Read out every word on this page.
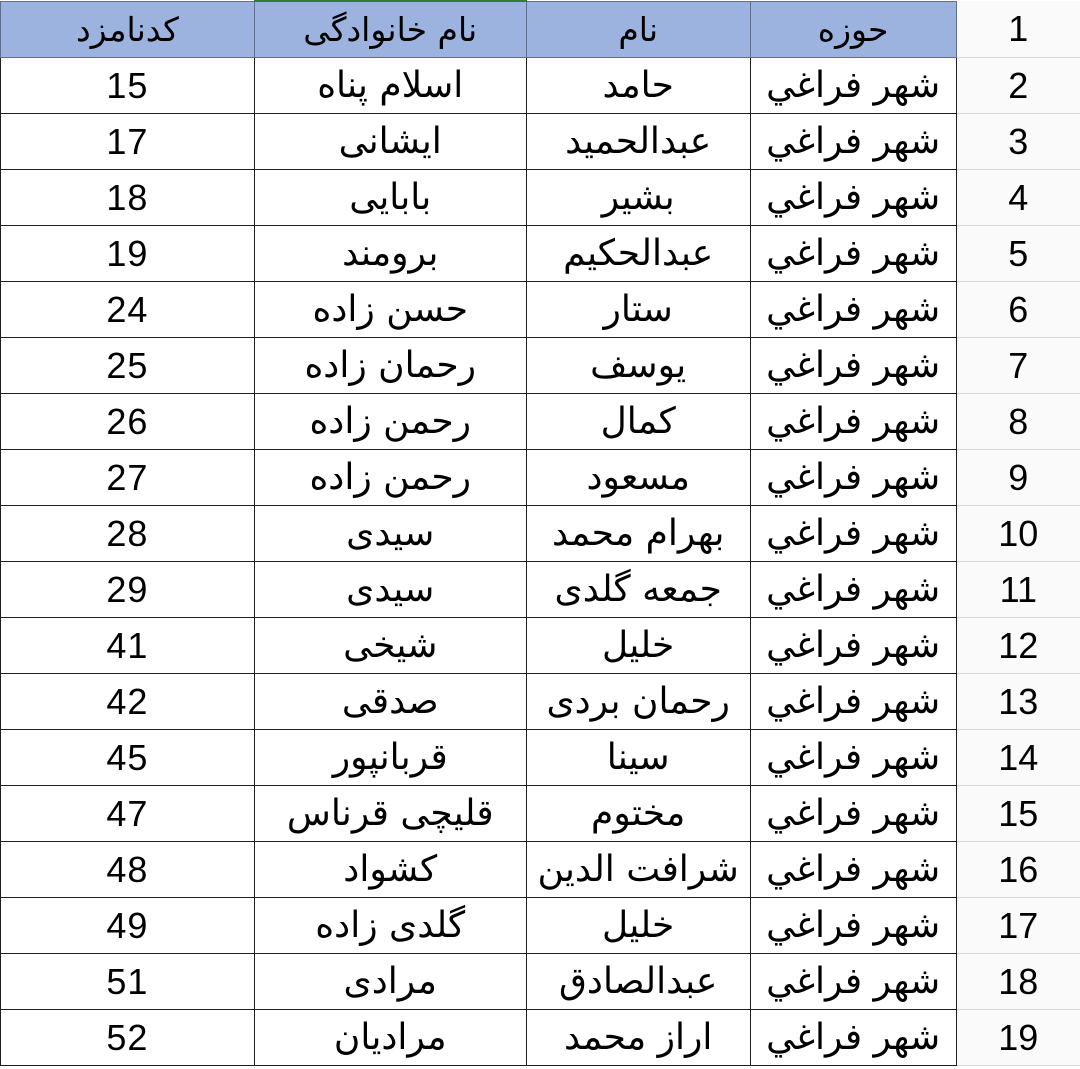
کدنامزد	نام خانوادگی	نام	حوزه	1
15	اسلام پناه	حامد	شهر فراغي	2
17	ایشانی	عبدالحمید	شهر فراغي	3
18	بابایی	بشیر	شهر فراغي	4
19	برومند	عبدالحکیم	شهر فراغي	5
24	حسن زاده	ستار	شهر فراغي	6
25	رحمان زاده	یوسف	شهر فراغي	7
26	رحمن زاده	کمال	شهر فراغي	8
27	رحمن زاده	مسعود	شهر فراغي	9
28	سیدی	بهرام محمد	شهر فراغي	10
29	سیدی	جمعه گلدی	شهر فراغي	11
41	شیخی	خلیل	شهر فراغي	12
42	صدقی	رحمان بردی	شهر فراغي	13
45	قربانپور	سینا	شهر فراغي	14
47	قلیچی قرناس	مختوم	شهر فراغي	15
48	کشواد	شرافت الدین	شهر فراغي	16
49	گلدی زاده	خلیل	شهر فراغي	17
51	مرادی	عبدالصادق	شهر فراغي	18
52	مرادیان	اراز محمد	شهر فراغي	19
